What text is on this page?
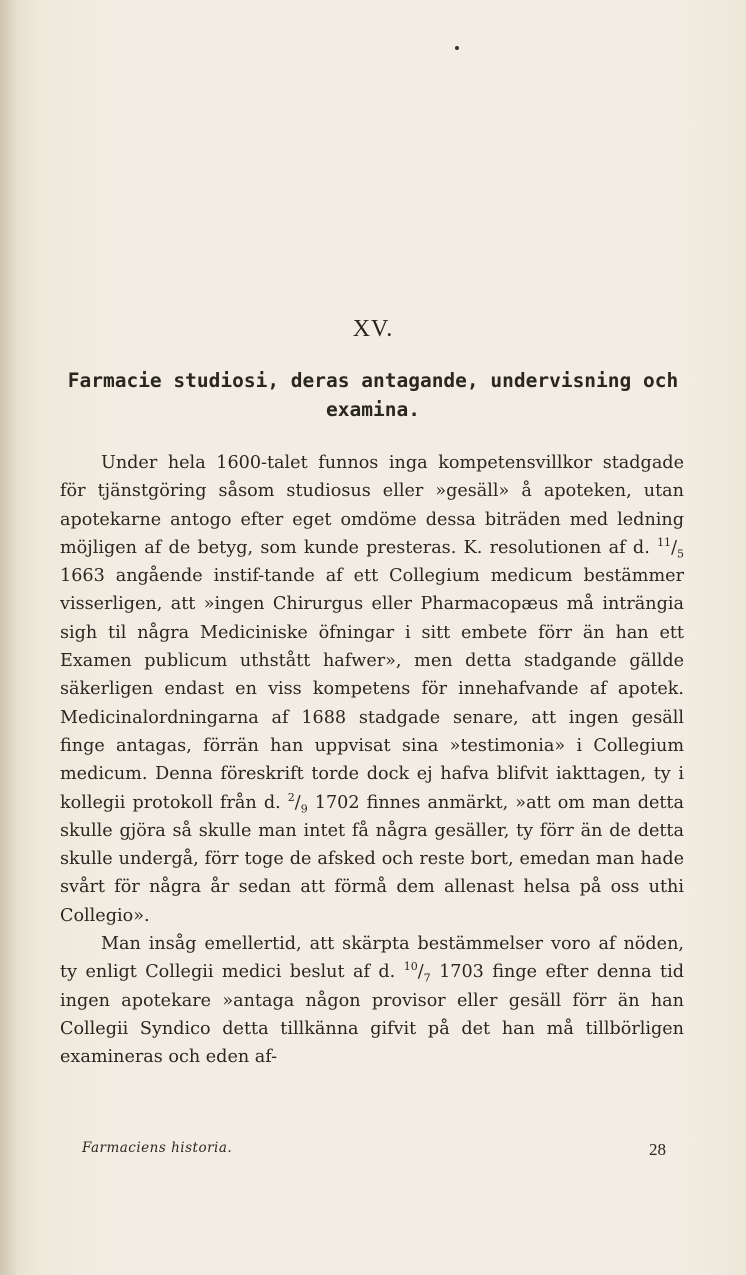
XV.
Farmacie studiosi, deras antagande, undervisning och examina.

Under hela 1600-talet funnos inga kompetensvillkor stadgade för tjänstgöring såsom studiosus eller »gesäll» å apoteken, utan apotekarne antogo efter eget omdöme dessa biträden med ledning möjligen af de betyg, som kunde presteras. K. resolutionen af d. $^{11}/_5$ 1663 angående instif-tande af ett Collegium medicum bestämmer visserligen, att »ingen Chirurgus eller Pharmacopæus må inträngia sigh til några Mediciniske öfningar i sitt embete förr än han ett Examen publicum uthstått hafwer», men detta stadgande gällde säkerligen endast en viss kompetens för innehafvande af apotek. Medicinalordningarna af 1688 stadgade senare, att ingen gesäll finge antagas, förrän han uppvisat sina »testimonia» i Collegium medicum. Denna föreskrift torde dock ej hafva blifvit iakttagen, ty i kollegii protokoll från d. $^2/_9$ 1702 finnes anmärkt, »att om man detta skulle gjöra så skulle man intet få några gesäller, ty förr än de detta skulle undergå, förr toge de afsked och reste bort, emedan man hade svårt för några år sedan att förmå dem allenast helsa på oss uthi Collegio».

Man insåg emellertid, att skärpta bestämmelser voro af nöden, ty enligt Collegii medici beslut af d. $^{10}/_7$ 1703 finge efter denna tid ingen apotekare »antaga någon provisor eller gesäll förr än han Collegii Syndico detta tillkänna gifvit på det han må tillbörligen examineras och eden af-

Farmaciens historia.	28
